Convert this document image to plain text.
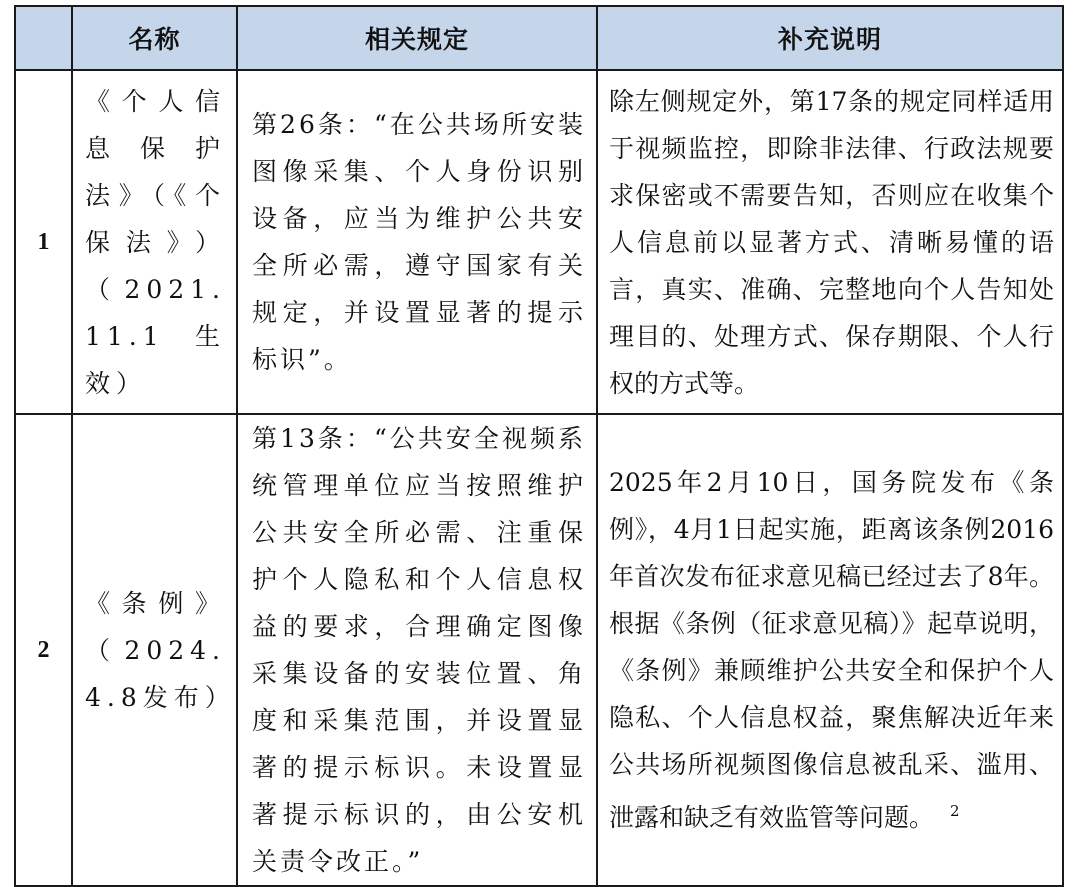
	名称	相关规定	补充说明
1	《个人信息保护法》（《个保法》）（2021.11.1生效）	第26条：“在公共场所安装图像采集、个人身份识别设备，应当为维护公共安全所必需，遵守国家有关规定，并设置显著的提示标识”。	除左侧规定外，第17条的规定同样适用于视频监控，即除非法律、行政法规要求保密或不需要告知，否则应在收集个人信息前以显著方式、清晰易懂的语言，真实、准确、完整地向个人告知处理目的、处理方式、保存期限、个人行权的方式等。

2	《条例》（2024.4.8发布）	第13条：“公共安全视频系统管理单位应当按照维护公共安全所必需、注重保护个人隐私和个人信息权益的要求，合理确定图像采集设备的安装位置、角度和采集范围，并设置显著的提示标识。未设置显著提示标识的，由公安机关责令改正。”	2025年2月10日，国务院发布《条例》，4月1日起实施，距离该条例2016年首次发布征求意见稿已经过去了8年。根据《条例（征求意见稿）》起草说明，《条例》兼顾维护公共安全和保护个人隐私、个人信息权益，聚焦解决近年来公共场所视频图像信息被乱采、滥用、泄露和缺乏有效监管等问题。 $^2$
